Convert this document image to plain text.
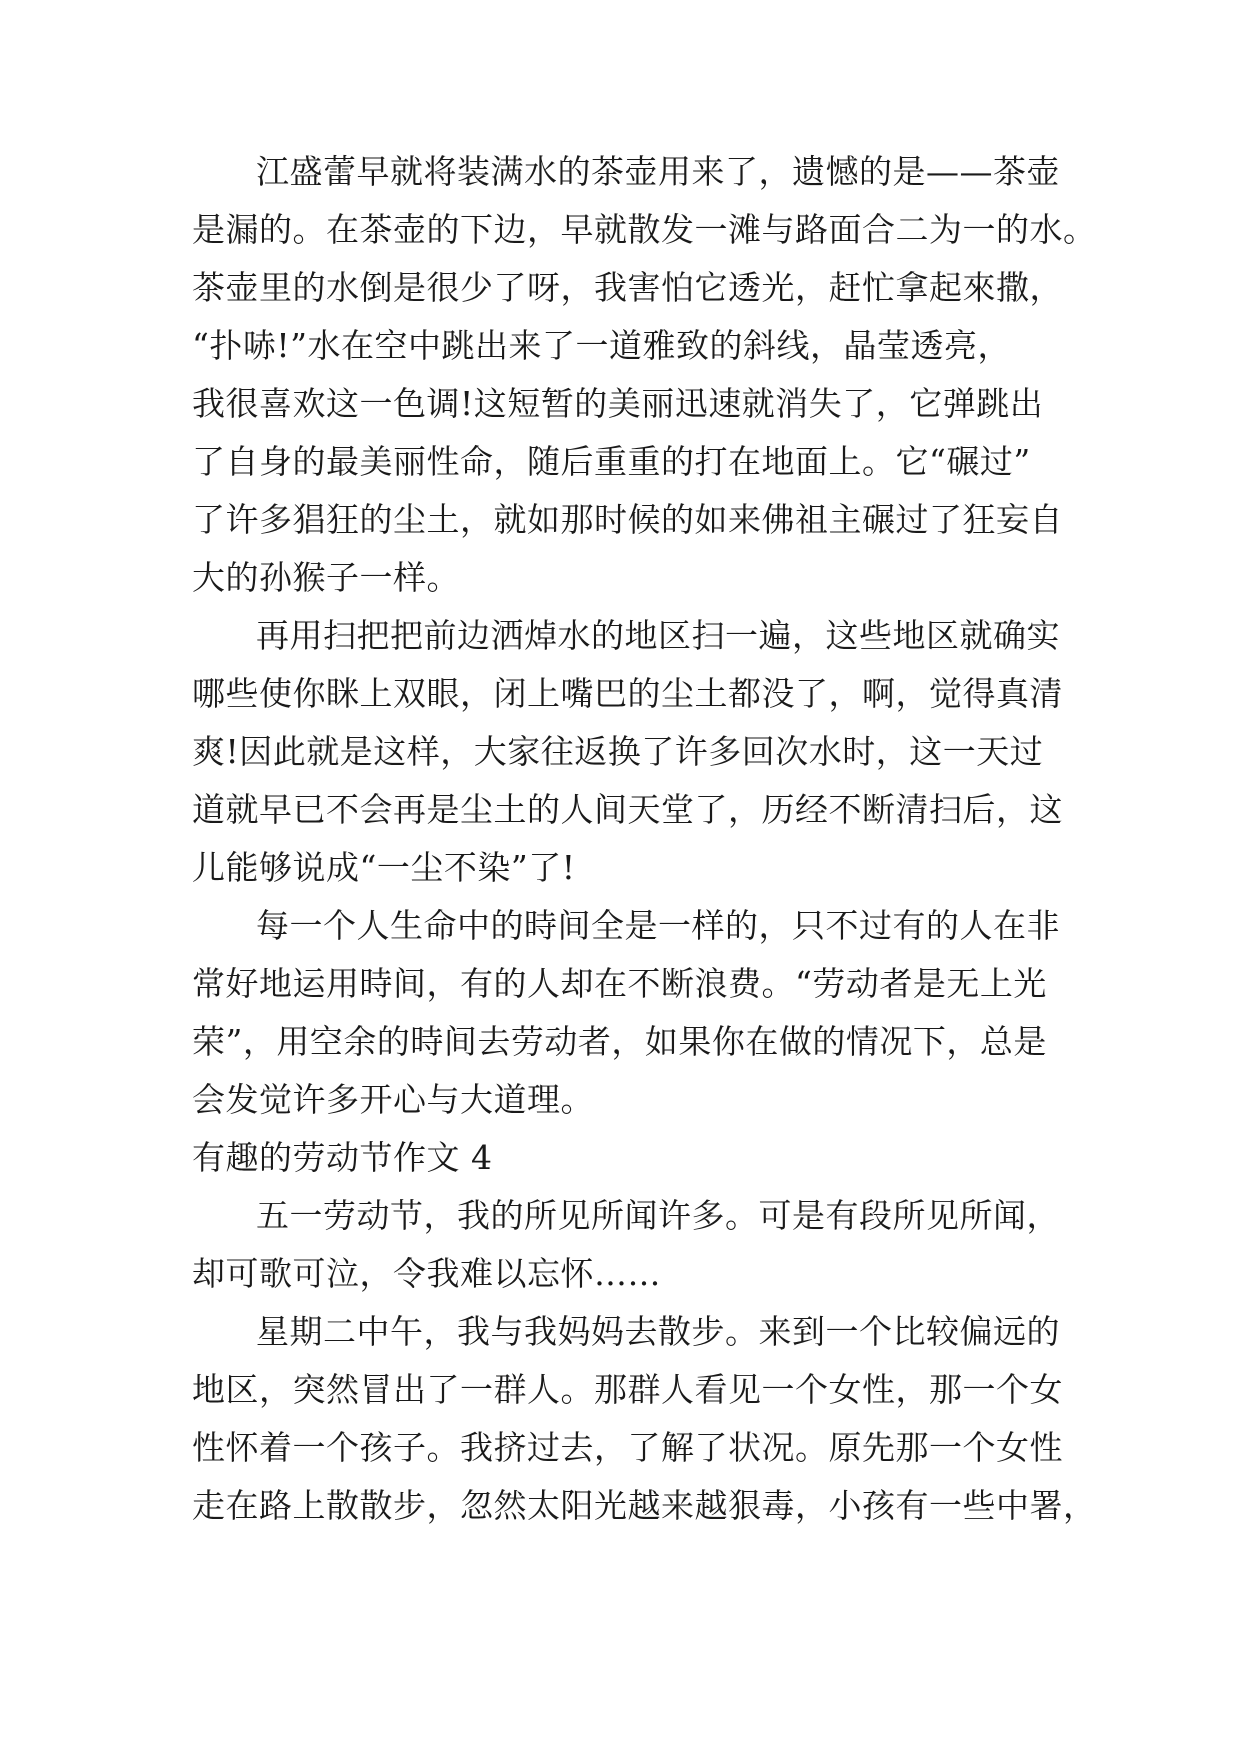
江盛蕾早就将装满水的茶壶用来了，遗憾的是——茶壶
是漏的。在茶壶的下边，早就散发一滩与路面合二为一的水。
茶壶里的水倒是很少了呀，我害怕它透光，赶忙拿起來撒，
“扑哧!”水在空中跳出来了一道雅致的斜线，晶莹透亮，
我很喜欢这一色调!这短暂的美丽迅速就消失了，它弹跳出
了自身的最美丽性命，随后重重的打在地面上。它“碾过”
了许多猖狂的尘土，就如那时候的如来佛祖主碾过了狂妄自
大的孙猴子一样。
再用扫把把前边洒焯水的地区扫一遍，这些地区就确实
哪些使你眯上双眼，闭上嘴巴的尘土都没了，啊，觉得真清
爽!因此就是这样，大家往返换了许多回次水时，这一天过
道就早已不会再是尘土的人间天堂了，历经不断清扫后，这
儿能够说成“一尘不染”了!
每一个人生命中的時间全是一样的，只不过有的人在非
常好地运用時间，有的人却在不断浪费。“劳动者是无上光
荣”，用空余的時间去劳动者，如果你在做的情况下，总是
会发觉许多开心与大道理。
有趣的劳动节作文 4
五一劳动节，我的所见所闻许多。可是有段所见所闻，
却可歌可泣，令我难以忘怀……
星期二中午，我与我妈妈去散步。来到一个比较偏远的
地区，突然冒出了一群人。那群人看见一个女性，那一个女
性怀着一个孩子。我挤过去，了解了状况。原先那一个女性
走在路上散散步，忽然太阳光越来越狠毒，小孩有一些中署，
